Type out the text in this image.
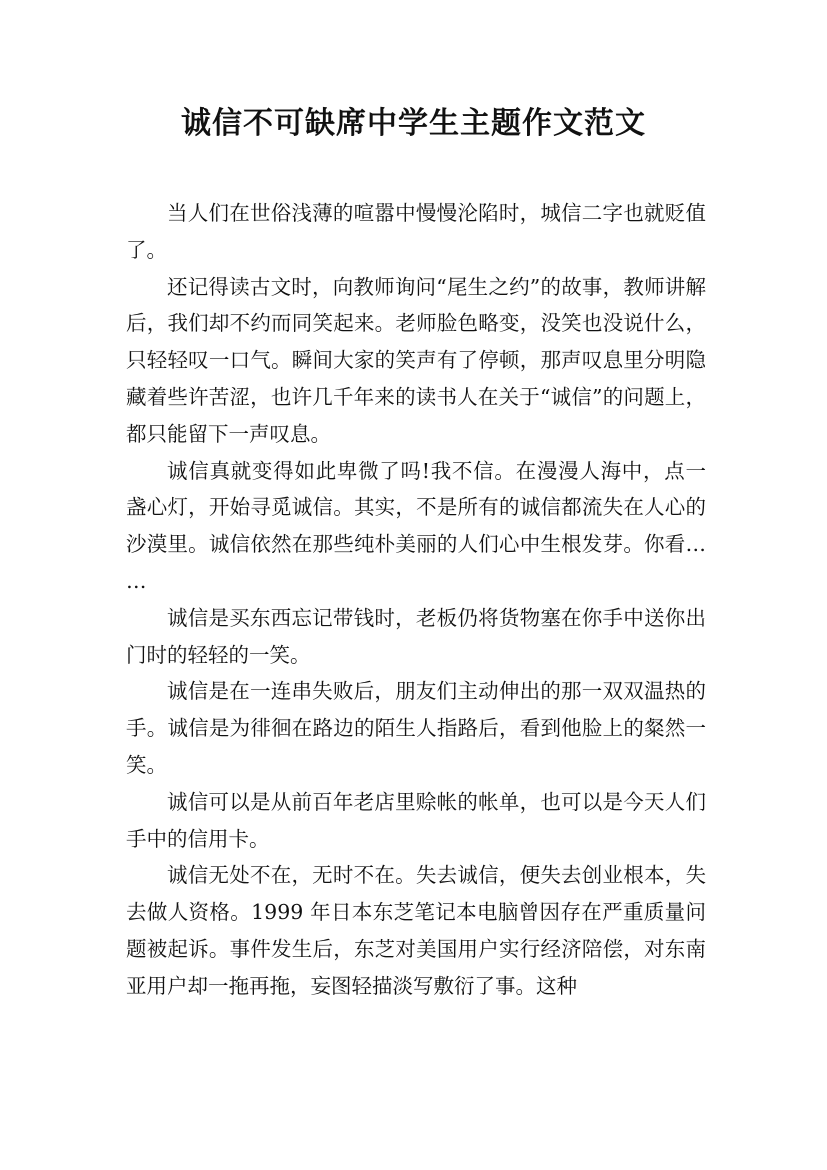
诚信不可缺席中学生主题作文范文

当人们在世俗浅薄的喧嚣中慢慢沦陷时，城信二字也就贬值了。

还记得读古文时，向教师询问“尾生之约”的故事，教师讲解后，我们却不约而同笑起来。老师脸色略变，没笑也没说什么，只轻轻叹一口气。瞬间大家的笑声有了停顿，那声叹息里分明隐藏着些许苦涩，也许几千年来的读书人在关于“诚信”的问题上，都只能留下一声叹息。

诚信真就变得如此卑微了吗!我不信。在漫漫人海中，点一盏心灯，开始寻觅诚信。其实，不是所有的诚信都流失在人心的沙漠里。诚信依然在那些纯朴美丽的人们心中生根发芽。你看……

诚信是买东西忘记带钱时，老板仍将货物塞在你手中送你出门时的轻轻的一笑。

诚信是在一连串失败后，朋友们主动伸出的那一双双温热的手。诚信是为徘徊在路边的陌生人指路后，看到他脸上的粲然一笑。

诚信可以是从前百年老店里赊帐的帐单，也可以是今天人们手中的信用卡。

诚信无处不在，无时不在。失去诚信，便失去创业根本，失去做人资格。1999 年日本东芝笔记本电脑曾因存在严重质量问题被起诉。事件发生后，东芝对美国用户实行经济陪偿，对东南亚用户却一拖再拖，妄图轻描淡写敷衍了事。这种
